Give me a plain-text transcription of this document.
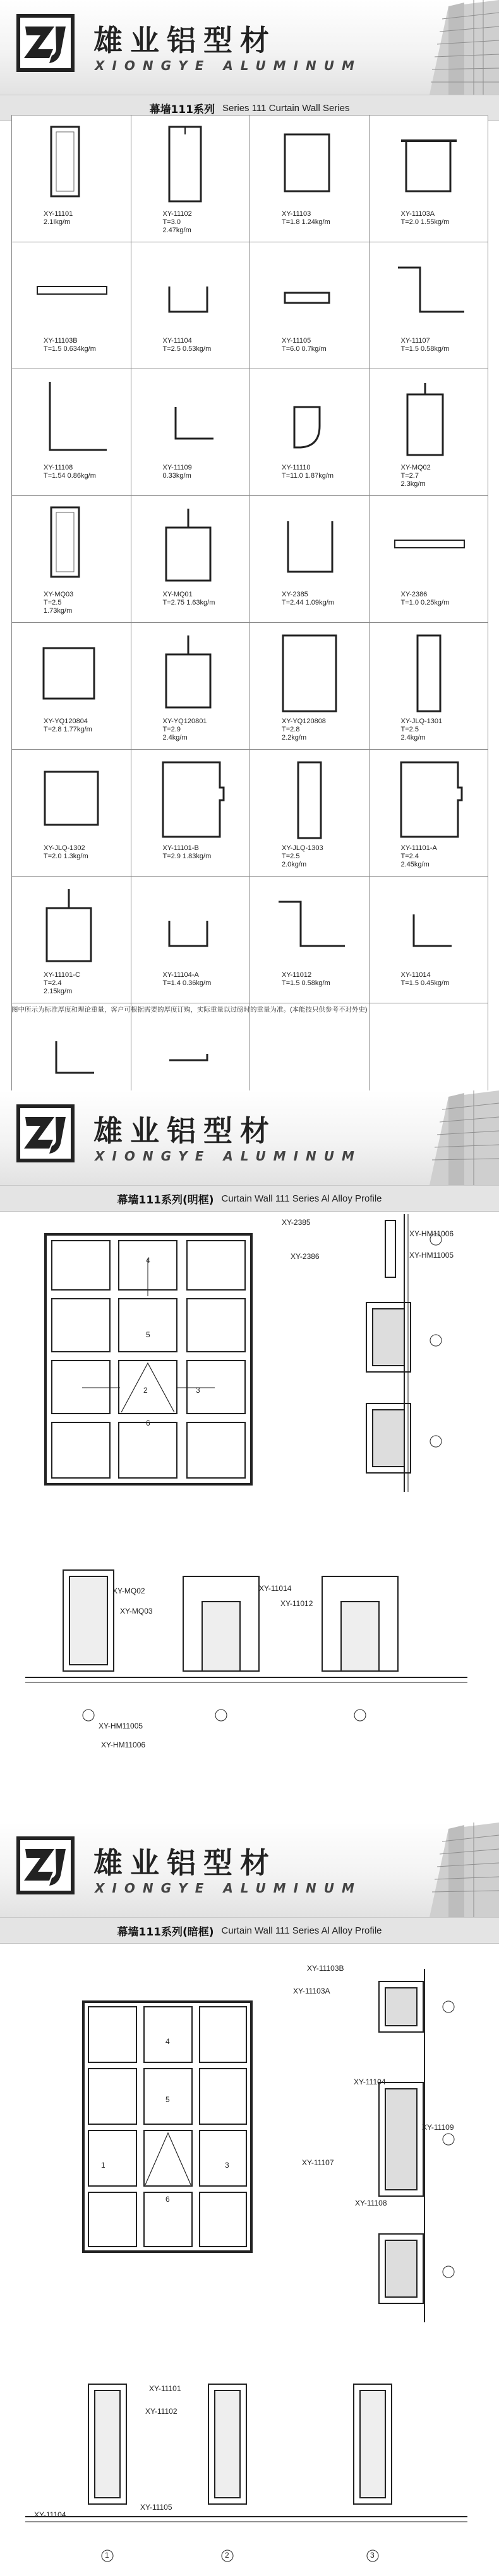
雄业铝型材
XIONGYE ALUMINUM
幕墙111系列 Series 111 Curtain Wall Series
XY-11101
2.1Ikg/m
XY-11102
T=3.0
2.47kg/m
XY-11103
T=1.8 1.24kg/m
XY-11103A
T=2.0 1.55kg/m
XY-11103B
T=1.5 0.634kg/m
XY-11104
T=2.5 0.53kg/m
XY-11105
T=6.0 0.7kg/m
XY-11107
T=1.5 0.58kg/m
XY-11108
T=1.54 0.86kg/m
XY-11109
0.33kg/m
XY-11110
T=11.0 1.87kg/m
XY-MQ02
T=2.7
2.3kg/m
XY-MQ03
T=2.5
1.73kg/m
XY-MQ01
T=2.75 1.63kg/m
XY-2385
T=2.44 1.09kg/m
XY-2386
T=1.0 0.25kg/m
XY-YQ120804
T=2.8 1.77kg/m
XY-YQ120801
T=2.9
2.4kg/m
XY-YQ120808
T=2.8
2.2kg/m
XY-JLQ-1301
T=2.5
2.4kg/m
XY-JLQ-1302
T=2.0 1.3kg/m
XY-11101-B
T=2.9 1.83kg/m
XY-JLQ-1303
T=2.5
2.0kg/m
XY-11101-A
T=2.4
2.45kg/m
XY-11101-C
T=2.4
2.15kg/m
XY-11104-A
T=1.4 0.36kg/m
XY-11012
T=1.5 0.58kg/m
XY-11014
T=1.5 0.45kg/m
图中所示为标准厚度和理论重量，客户可根据需要的厚度订购，实际重量以过磅时的重量为准。(本能技只供参考不对外史)
雄业铝型材
XIONGYE ALUMINUM
幕墙111系列(明框) Curtain Wall 111 Series Al Alloy Profile
4
5
2	3
6
XY-2385
XY-2386
XY-HM11006
XY-HM11005
XY-MQ02
XY-MQ03
XY-HM11005
XY-HM11006
XY-11014
XY-11012
雄业铝型材
XIONGYE ALUMINUM
幕墙111系列(暗框) Curtain Wall 111 Series Al Alloy Profile
4
5
1	3
6
XY-11103B
XY-11103A
XY-11104
XY-11109
XY-11107
XY-11108
XY-11101
XY-11102
XY-11104
XY-11105
1	2	3
